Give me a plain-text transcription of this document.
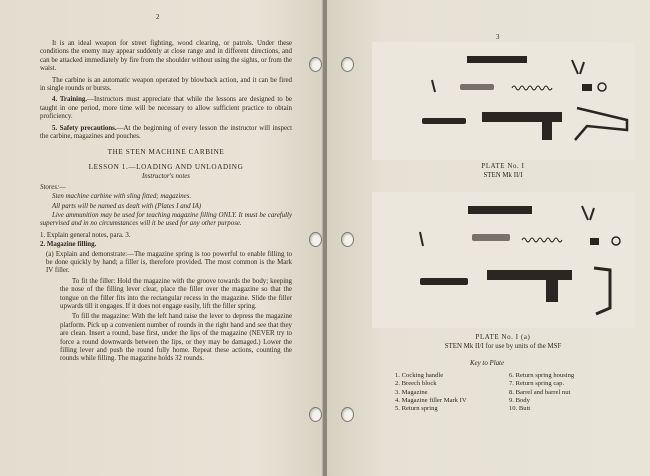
2

It is an ideal weapon for street fighting, wood clearing, or patrols. Under these conditions the enemy may appear suddenly at close range and in different directions, and can be attacked immediately by fire from the shoulder without using the sights, or from the waist.

The carbine is an automatic weapon operated by blowback action, and it can be fired in single rounds or bursts.

4. Training.—Instructors must appreciate that while the lessons are designed to be taught in one period, more time will be necessary to allow sufficient practice to obtain proficiency.

5. Safety precautions.—At the beginning of every lesson the instructor will inspect the carbine, magazines and pouches.

THE STEN MACHINE CARBINE

LESSON 1.—LOADING AND UNLOADING

Instructor's notes

Stores:—

Sten machine carbine with sling fitted; magazines.

All parts will be named as dealt with (Plates I and IA)

Live ammunition may be used for teaching magazine filling ONLY. It must be carefully supervised and in no circumstances will it be used for any other purpose.

1. Explain general notes, para. 3.

2. Magazine filling.

(a) Explain and demonstrate:—The magazine spring is too powerful to enable filling to be done quickly by hand; a filler is, therefore provided. The most common is the Mark IV filler.

To fit the filler: Hold the magazine with the groove towards the body; keeping the nose of the filling lever clear, place the filler over the magazine so that the tongue on the filler fits into the rectangular recess in the magazine. Slide the filler upwards till it engages. If it does not engage easily, lift the filler spring.

To fill the magazine: With the left hand raise the lever to depress the magazine platform. Pick up a convenient number of rounds in the right hand and see that they are clean. Insert a round, base first, under the lips of the magazine (NEVER try to force a round downwards between the lips, or they may be damaged.) Lower the filling lever and push the round fully home. Repeat these actions, counting the rounds while filling. The magazine holds 32 rounds.

3
PLATE No. I
STEN Mk II/I
PLATE No. I (a)
STEN Mk II/I for use by units of the MSF
Key to Plate
1. Cocking handle
2. Breech block
3. Magazine
4. Magazine filler Mark IV
5. Return spring
6. Return spring housing
7. Return spring cap.
8. Barrel and barrel nut
9. Body
10. Butt
